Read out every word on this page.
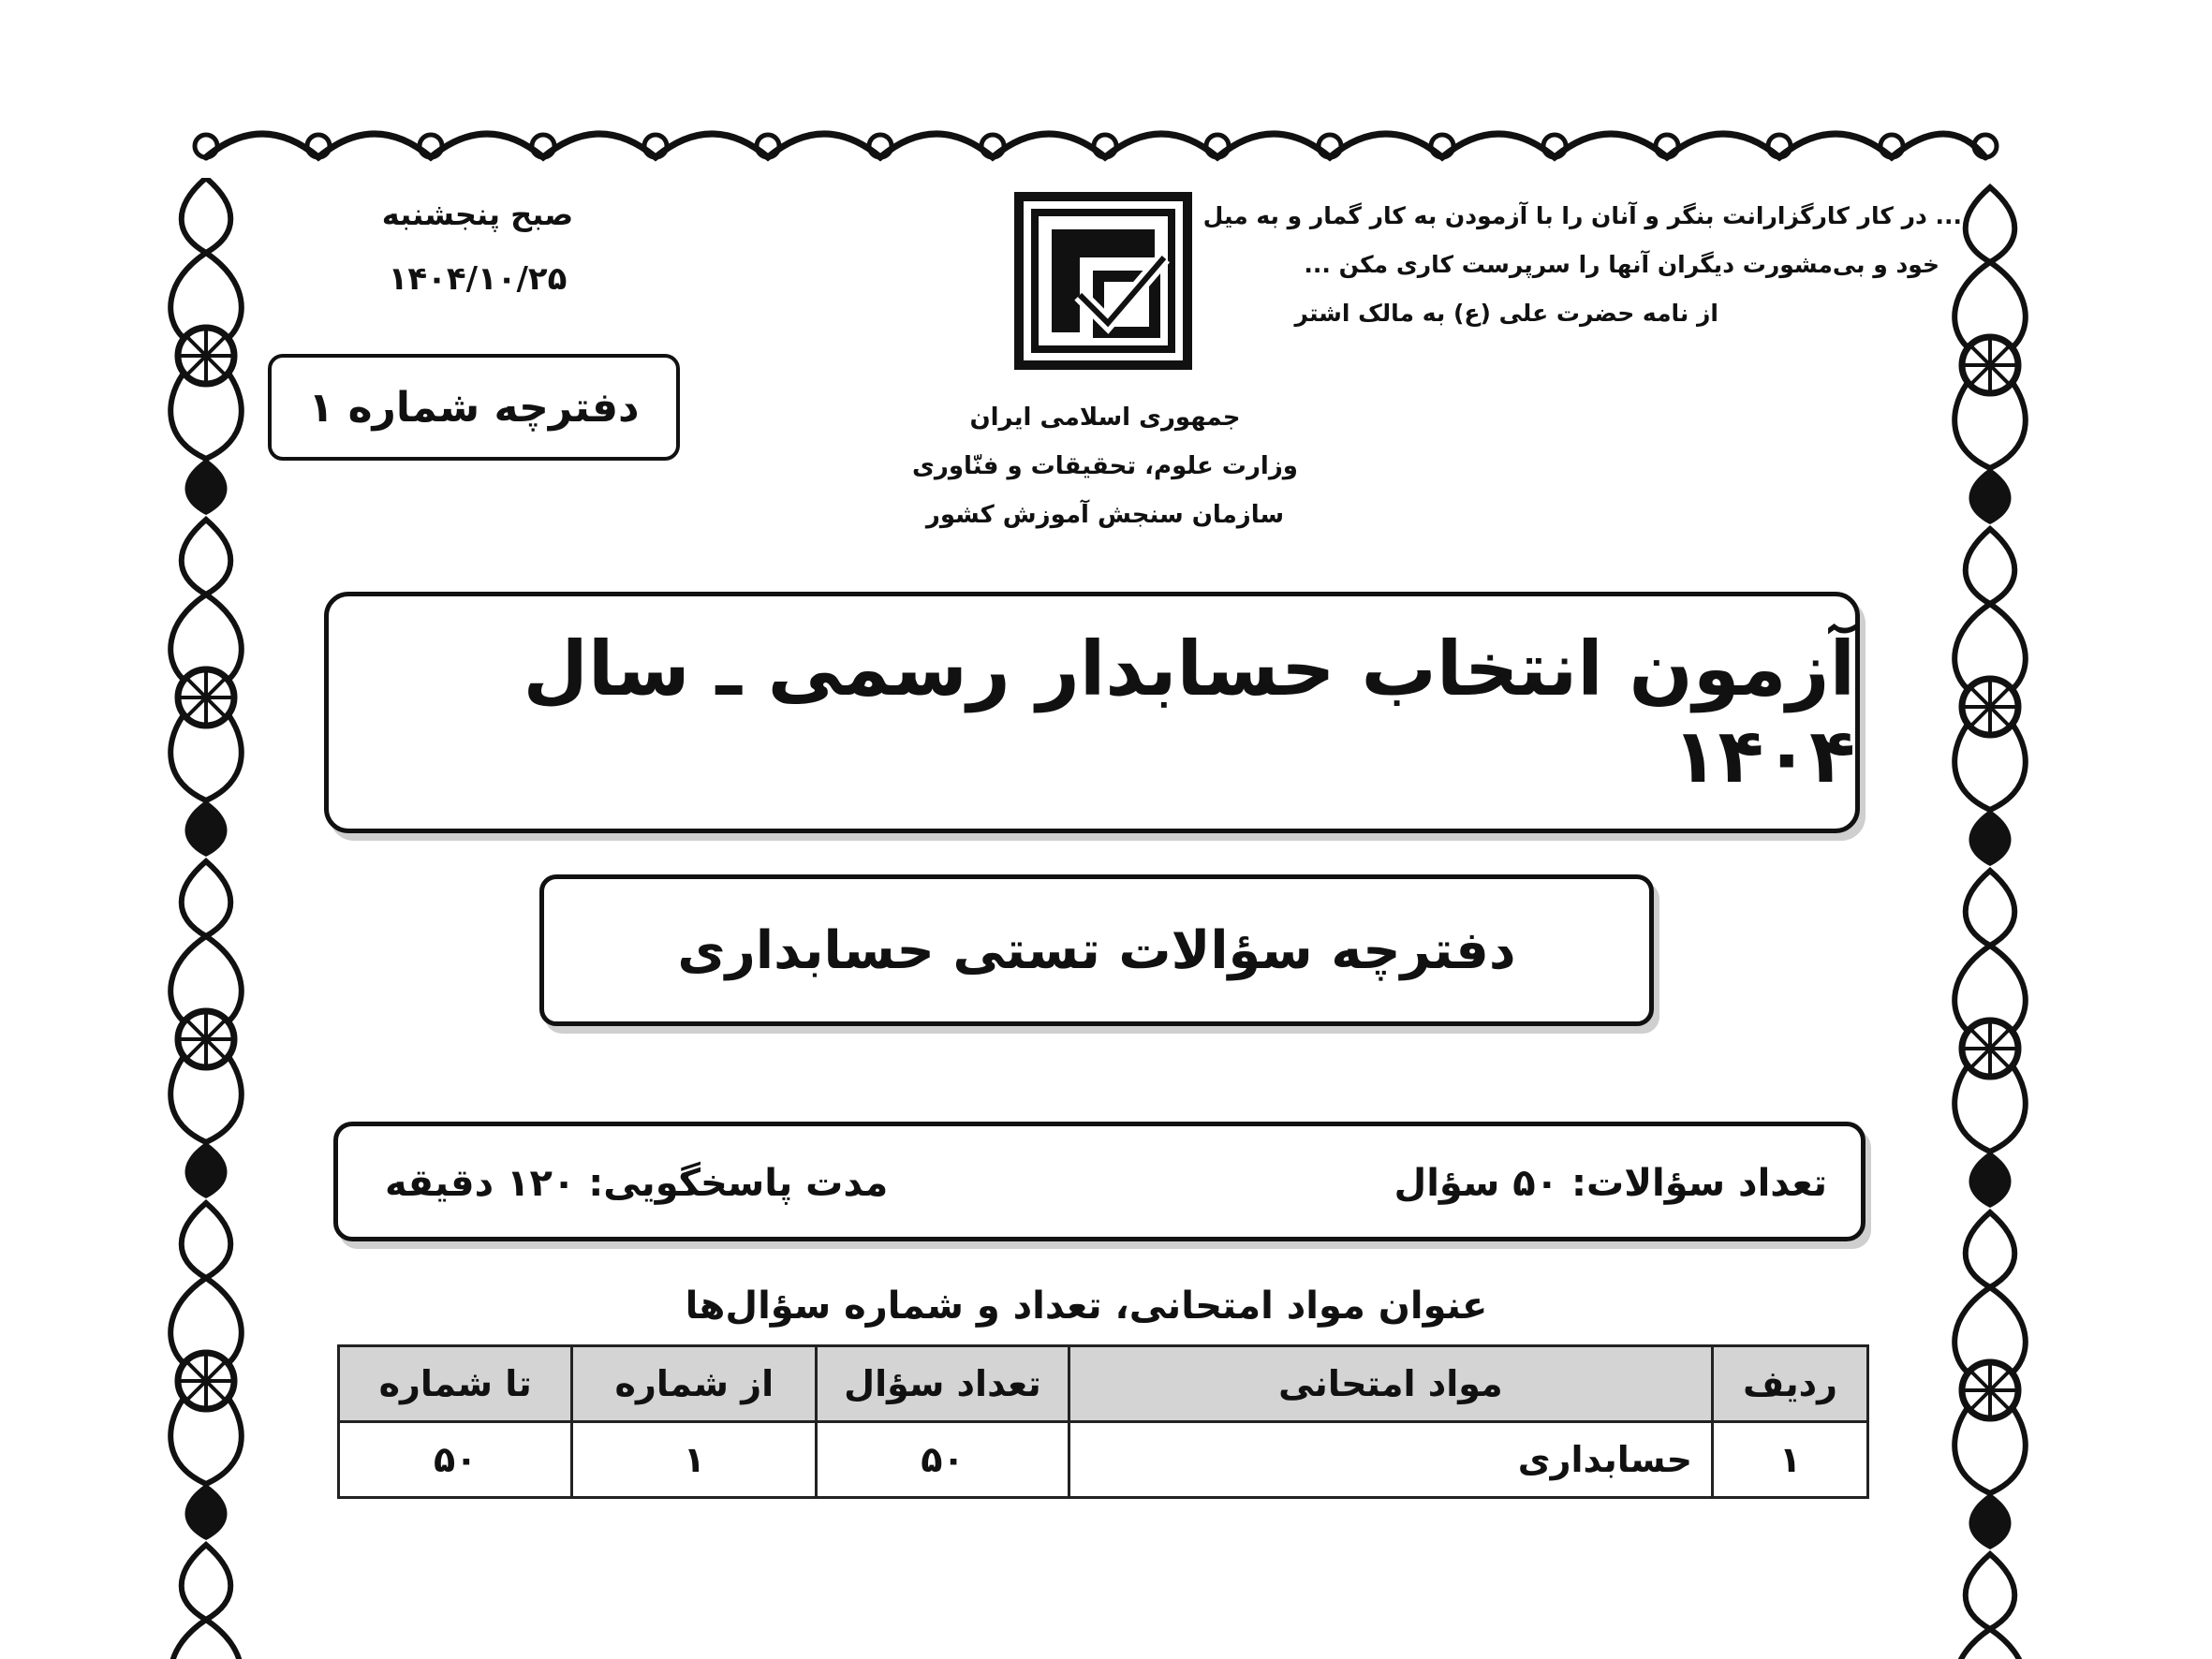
... در کار کارگزارانت بنگر و آنان را با آزمودن به کار گمار و به میل
خود و بی‌مشورت دیگران آنها را سرپرست کاری مکن ...
از نامه حضرت علی (ع) به مالک اشتر
صبح پنجشنبه
۱۴۰۴/۱۰/۲۵
دفترچه شماره ۱	جمهوری اسلامی ایران
وزارت علوم، تحقیقات و فنّاوری
سازمان سنجش آموزش کشور
آزمون انتخاب حسابدار رسمی ـ سال ۱۴۰۴
دفترچه سؤالات تستی حسابداری
تعداد سؤالات: ۵۰ سؤال
مدت پاسخگویی: ۱۲۰ دقیقه
عنوان مواد امتحانی، تعداد و شماره سؤال‌ها
ردیف	مواد امتحانی	تعداد سؤال	از شماره	تا شماره
۱	حسابداری	۵۰	۱	۵۰
